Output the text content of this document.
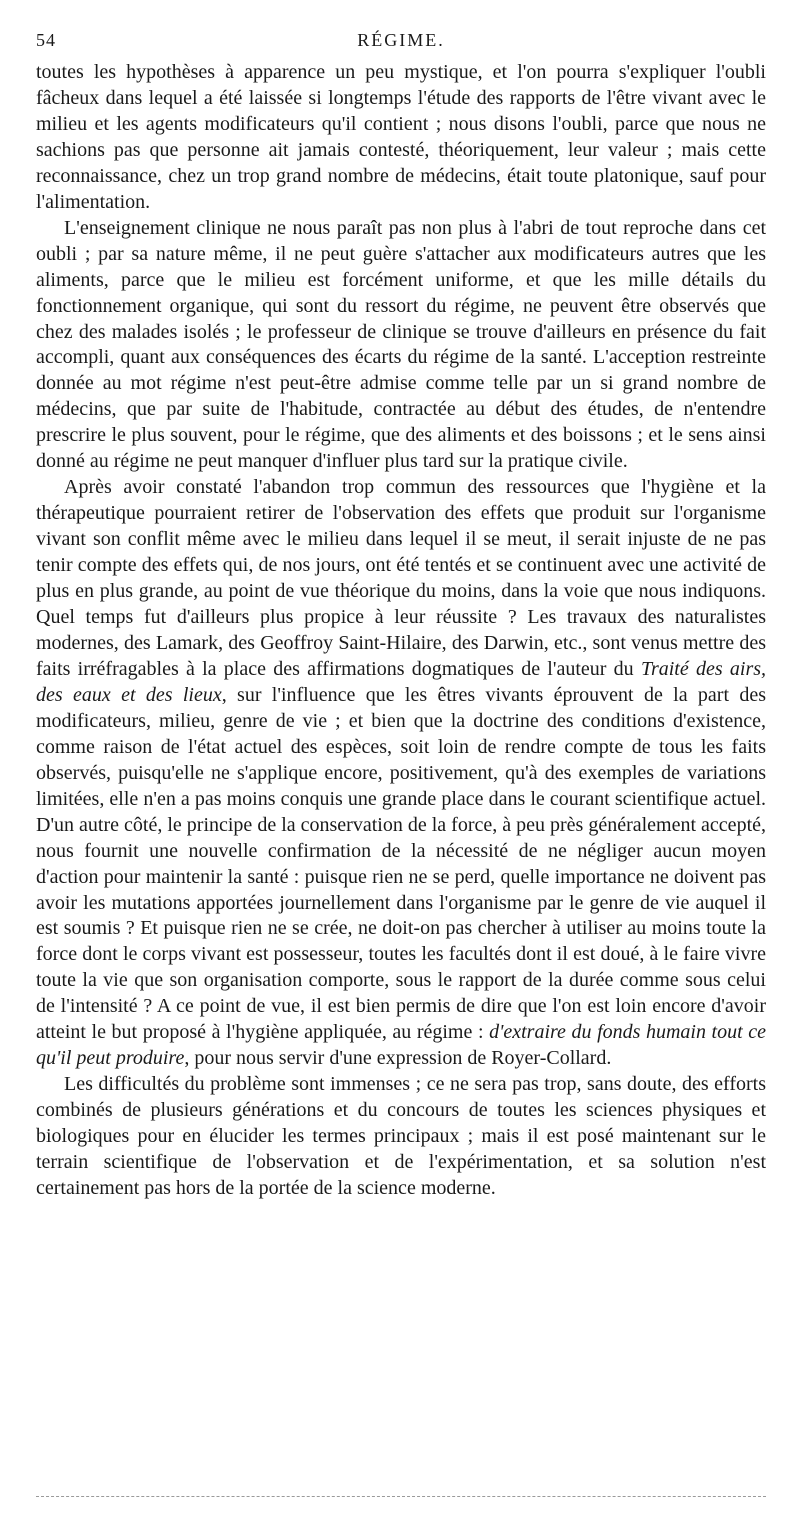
54	RÉGIME.

toutes les hypothèses à apparence un peu mystique, et l'on pourra s'expliquer l'oubli fâcheux dans lequel a été laissée si longtemps l'étude des rapports de l'être vivant avec le milieu et les agents modificateurs qu'il contient ; nous disons l'oubli, parce que nous ne sachions pas que personne ait jamais contesté, théoriquement, leur valeur ; mais cette reconnaissance, chez un trop grand nombre de médecins, était toute platonique, sauf pour l'alimentation.

L'enseignement clinique ne nous paraît pas non plus à l'abri de tout reproche dans cet oubli ; par sa nature même, il ne peut guère s'attacher aux modificateurs autres que les aliments, parce que le milieu est forcément uniforme, et que les mille détails du fonctionnement organique, qui sont du ressort du régime, ne peuvent être observés que chez des malades isolés ; le professeur de clinique se trouve d'ailleurs en présence du fait accompli, quant aux conséquences des écarts du régime de la santé. L'acception restreinte donnée au mot régime n'est peut-être admise comme telle par un si grand nombre de médecins, que par suite de l'habitude, contractée au début des études, de n'entendre prescrire le plus souvent, pour le régime, que des aliments et des boissons ; et le sens ainsi donné au régime ne peut manquer d'influer plus tard sur la pratique civile.

Après avoir constaté l'abandon trop commun des ressources que l'hygiène et la thérapeutique pourraient retirer de l'observation des effets que produit sur l'organisme vivant son conflit même avec le milieu dans lequel il se meut, il serait injuste de ne pas tenir compte des effets qui, de nos jours, ont été tentés et se continuent avec une activité de plus en plus grande, au point de vue théorique du moins, dans la voie que nous indiquons. Quel temps fut d'ailleurs plus propice à leur réussite ? Les travaux des naturalistes modernes, des Lamark, des Geoffroy Saint-Hilaire, des Darwin, etc., sont venus mettre des faits irréfragables à la place des affirmations dogmatiques de l'auteur du Traité des airs, des eaux et des lieux, sur l'influence que les êtres vivants éprouvent de la part des modificateurs, milieu, genre de vie ; et bien que la doctrine des conditions d'existence, comme raison de l'état actuel des espèces, soit loin de rendre compte de tous les faits observés, puisqu'elle ne s'applique encore, positivement, qu'à des exemples de variations limitées, elle n'en a pas moins conquis une grande place dans le courant scientifique actuel. D'un autre côté, le principe de la conservation de la force, à peu près généralement accepté, nous fournit une nouvelle confirmation de la nécessité de ne négliger aucun moyen d'action pour maintenir la santé : puisque rien ne se perd, quelle importance ne doivent pas avoir les mutations apportées journellement dans l'organisme par le genre de vie auquel il est soumis ? Et puisque rien ne se crée, ne doit-on pas chercher à utiliser au moins toute la force dont le corps vivant est possesseur, toutes les facultés dont il est doué, à le faire vivre toute la vie que son organisation comporte, sous le rapport de la durée comme sous celui de l'intensité ? A ce point de vue, il est bien permis de dire que l'on est loin encore d'avoir atteint le but proposé à l'hygiène appliquée, au régime : d'extraire du fonds humain tout ce qu'il peut produire, pour nous servir d'une expression de Royer-Collard.

Les difficultés du problème sont immenses ; ce ne sera pas trop, sans doute, des efforts combinés de plusieurs générations et du concours de toutes les sciences physiques et biologiques pour en élucider les termes principaux ; mais il est posé maintenant sur le terrain scientifique de l'observation et de l'expérimentation, et sa solution n'est certainement pas hors de la portée de la science moderne.
